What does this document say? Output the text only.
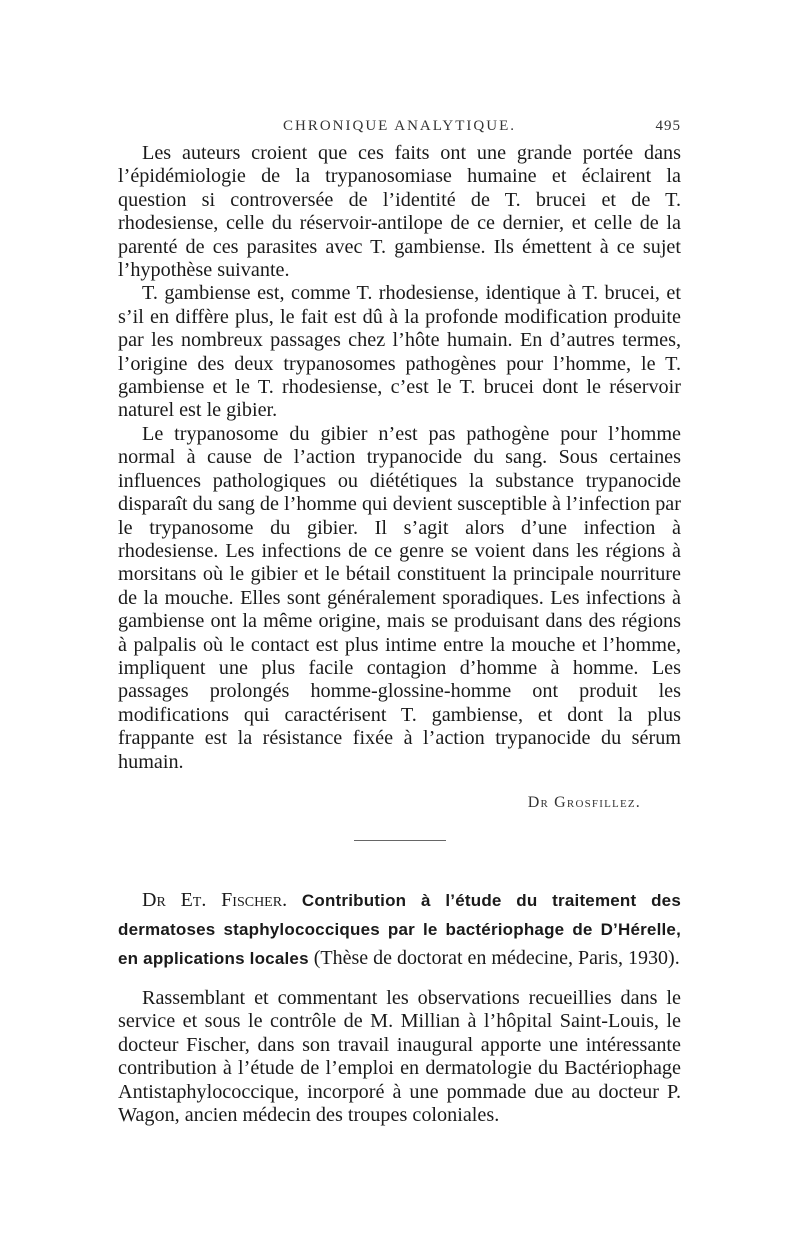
CHRONIQUE ANALYTIQUE.	495

Les auteurs croient que ces faits ont une grande portée dans l’épidémiologie de la trypanosomiase humaine et éclairent la question si controversée de l’identité de T. brucei et de T. rhodesiense, celle du réservoir-antilope de ce dernier, et celle de la parenté de ces parasites avec T. gambiense. Ils émettent à ce sujet l’hypothèse suivante.

T. gambiense est, comme T. rhodesiense, identique à T. brucei, et s’il en diffère plus, le fait est dû à la profonde modification produite par les nombreux passages chez l’hôte humain. En d’autres termes, l’origine des deux trypanosomes pathogènes pour l’homme, le T. gambiense et le T. rhodesiense, c’est le T. brucei dont le réservoir naturel est le gibier.

Le trypanosome du gibier n’est pas pathogène pour l’homme normal à cause de l’action trypanocide du sang. Sous certaines influences pathologiques ou diététiques la substance trypanocide disparaît du sang de l’homme qui devient susceptible à l’infection par le trypanosome du gibier. Il s’agit alors d’une infection à rhodesiense. Les infections de ce genre se voient dans les régions à morsitans où le gibier et le bétail constituent la principale nourriture de la mouche. Elles sont généralement sporadiques. Les infections à gambiense ont la même origine, mais se produisant dans des régions à palpalis où le contact est plus intime entre la mouche et l’homme, impliquent une plus facile contagion d’homme à homme. Les passages prolongés homme-glossine-homme ont produit les modifications qui caractérisent T. gambiense, et dont la plus frappante est la résistance fixée à l’action trypanocide du sérum humain.

Dr Grosfillez.

Dr Et. Fischer. Contribution à l’étude du traitement des dermatoses staphylococciques par le bactériophage de D’Hérelle, en applications locales (Thèse de doctorat en médecine, Paris, 1930).

Rassemblant et commentant les observations recueillies dans le service et sous le contrôle de M. Millian à l’hôpital Saint-Louis, le docteur Fischer, dans son travail inaugural apporte une intéressante contribution à l’étude de l’emploi en dermatologie du Bactériophage Antistaphylococcique, incorporé à une pommade due au docteur P. Wagon, ancien médecin des troupes coloniales.
